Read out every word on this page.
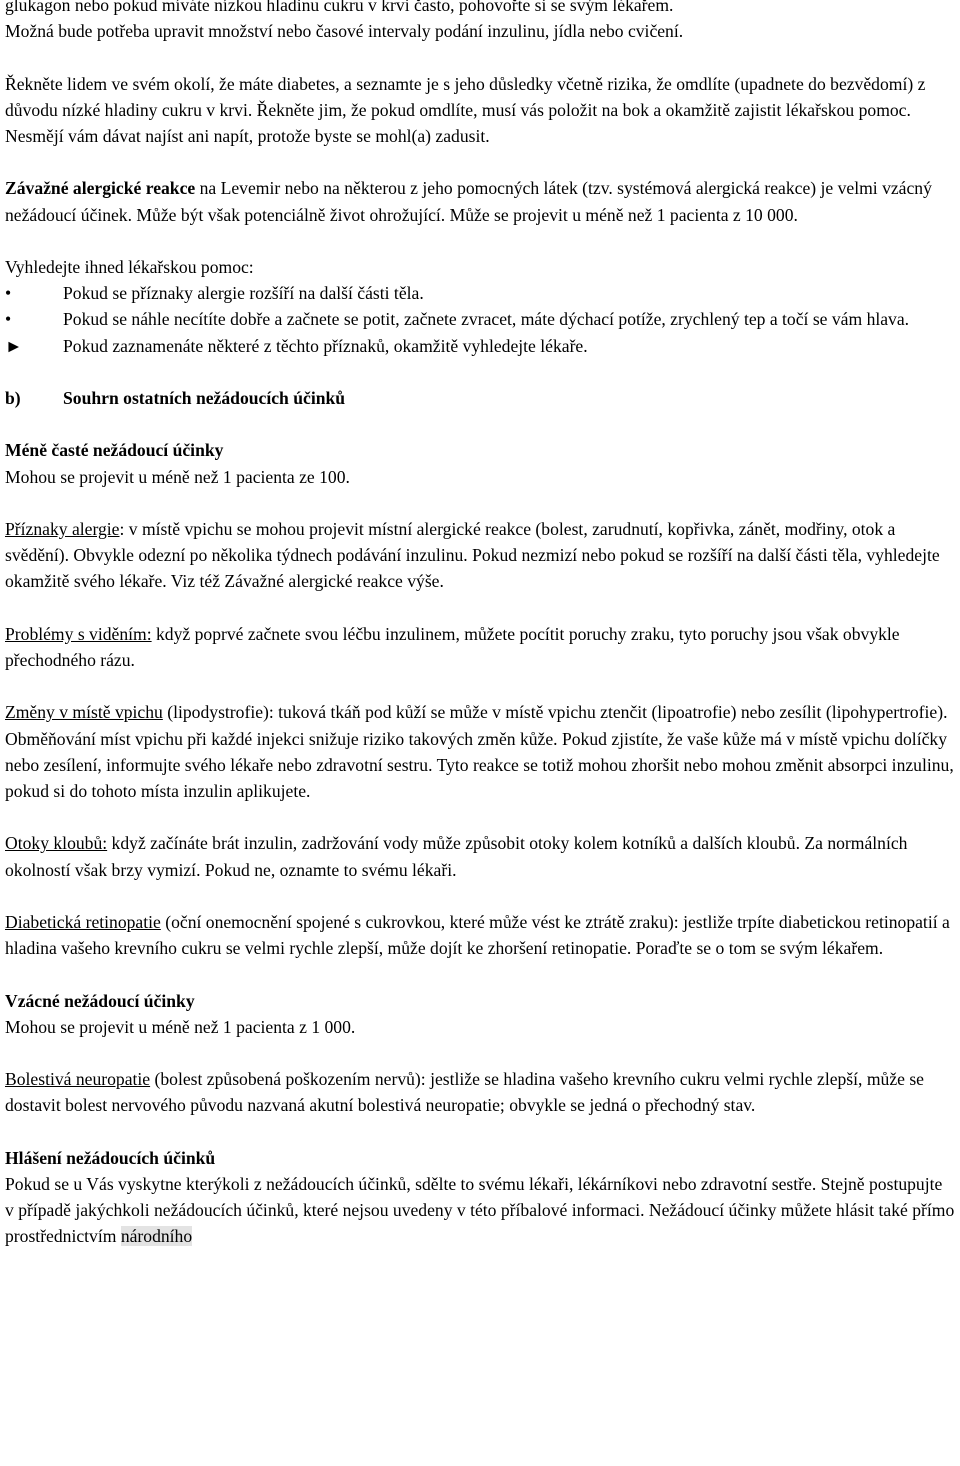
glukagon nebo pokud míváte nízkou hladinu cukru v krvi často, pohovořte si se svým lékařem.

Možná bude potřeba upravit množství nebo časové intervaly podání inzulinu, jídla nebo cvičení.

Řekněte lidem ve svém okolí, že máte diabetes, a seznamte je s jeho důsledky včetně rizika, že omdlíte (upadnete do bezvědomí) z důvodu nízké hladiny cukru v krvi. Řekněte jim, že pokud omdlíte, musí vás položit na bok a okamžitě zajistit lékařskou pomoc. Nesmějí vám dávat najíst ani napít, protože byste se mohl(a) zadusit.

Závažné alergické reakce na Levemir nebo na některou z jeho pomocných látek (tzv. systémová alergická reakce) je velmi vzácný nežádoucí účinek. Může být však potenciálně život ohrožující. Může se projevit u méně než 1 pacienta z 10 000.

Vyhledejte ihned lékařskou pomoc:

•	Pokud se příznaky alergie rozšíří na další části těla.

•	Pokud se náhle necítíte dobře a začnete se potit, začnete zvracet, máte dýchací potíže, zrychlený tep a točí se vám hlava.

► Pokud zaznamenáte některé z těchto příznaků, okamžitě vyhledejte lékaře.

b) Souhrn ostatních nežádoucích účinků

Méně časté nežádoucí účinky

Mohou se projevit u méně než 1 pacienta ze 100.

Příznaky alergie: v místě vpichu se mohou projevit místní alergické reakce (bolest, zarudnutí, kopřivka, zánět, modřiny, otok a svědění). Obvykle odezní po několika týdnech podávání inzulinu. Pokud nezmizí nebo pokud se rozšíří na další části těla, vyhledejte okamžitě svého lékaře. Viz též Závažné alergické reakce výše.

Problémy s viděním: když poprvé začnete svou léčbu inzulinem, můžete pocítit poruchy zraku, tyto poruchy jsou však obvykle přechodného rázu.

Změny v místě vpichu (lipodystrofie): tuková tkáň pod kůží se může v místě vpichu ztenčit (lipoatrofie) nebo zesílit (lipohypertrofie). Obměňování míst vpichu při každé injekci snižuje riziko takových změn kůže. Pokud zjistíte, že vaše kůže má v místě vpichu dolíčky nebo zesílení, informujte svého lékaře nebo zdravotní sestru. Tyto reakce se totiž mohou zhoršit nebo mohou změnit absorpci inzulinu, pokud si do tohoto místa inzulin aplikujete.

Otoky kloubů: když začínáte brát inzulin, zadržování vody může způsobit otoky kolem kotníků a dalších kloubů. Za normálních okolností však brzy vymizí. Pokud ne, oznamte to svému lékaři.

Diabetická retinopatie (oční onemocnění spojené s cukrovkou, které může vést ke ztrátě zraku): jestliže trpíte diabetickou retinopatií a hladina vašeho krevního cukru se velmi rychle zlepší, může dojít ke zhoršení retinopatie. Poraďte se o tom se svým lékařem.

Vzácné nežádoucí účinky

Mohou se projevit u méně než 1 pacienta z 1 000.

Bolestivá neuropatie (bolest způsobená poškozením nervů): jestliže se hladina vašeho krevního cukru velmi rychle zlepší, může se dostavit bolest nervového původu nazvaná akutní bolestivá neuropatie; obvykle se jedná o přechodný stav.

Hlášení nežádoucích účinků

Pokud se u Vás vyskytne kterýkoli z nežádoucích účinků, sdělte to svému lékaři, lékárníkovi nebo zdravotní sestře. Stejně postupujte v případě jakýchkoli nežádoucích účinků, které nejsou uvedeny v této příbalové informaci. Nežádoucí účinky můžete hlásit také přímo prostřednictvím národního
